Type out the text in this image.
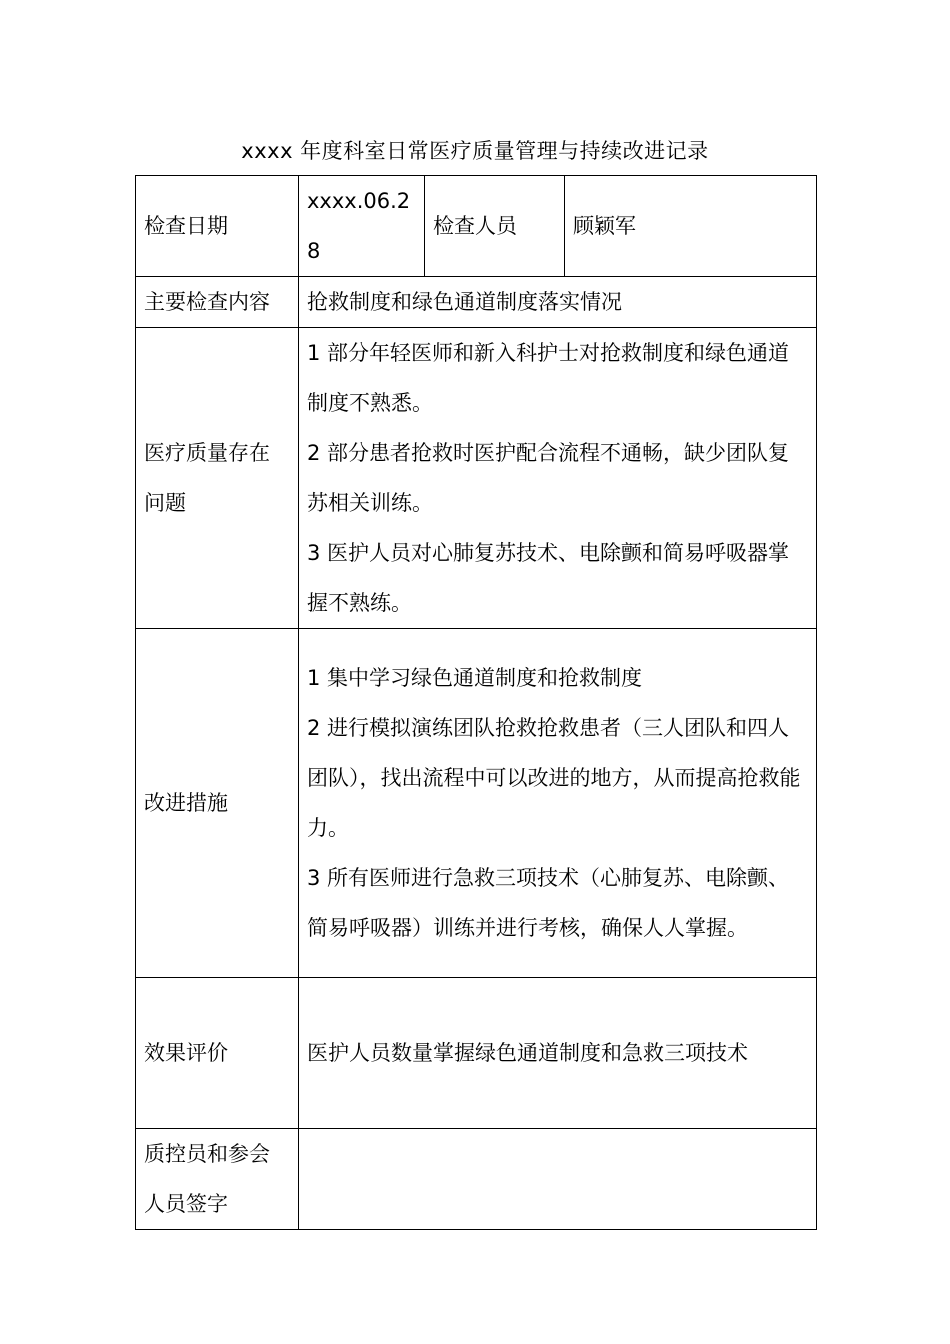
xxxx 年度科室日常医疗质量管理与持续改进记录
检查日期	xxxx.06.28	检查人员	顾颖军
主要检查内容	抢救制度和绿色通道制度落实情况		
医疗质量存在问题	1 部分年轻医师和新入科护士对抢救制度和绿色通道制度不熟悉。
2 部分患者抢救时医护配合流程不通畅，缺少团队复苏相关训练。
3 医护人员对心肺复苏技术、电除颤和简易呼吸器掌握不熟练。		

改进措施	1 集中学习绿色通道制度和抢救制度
2 进行模拟演练团队抢救抢救患者（三人团队和四人团队），找出流程中可以改进的地方，从而提高抢救能力。
3 所有医师进行急救三项技术（心肺复苏、电除颤、简易呼吸器）训练并进行考核，确保人人掌握。		

效果评价	医护人员数量掌握绿色通道制度和急救三项技术		
质控员和参会人员签字			
